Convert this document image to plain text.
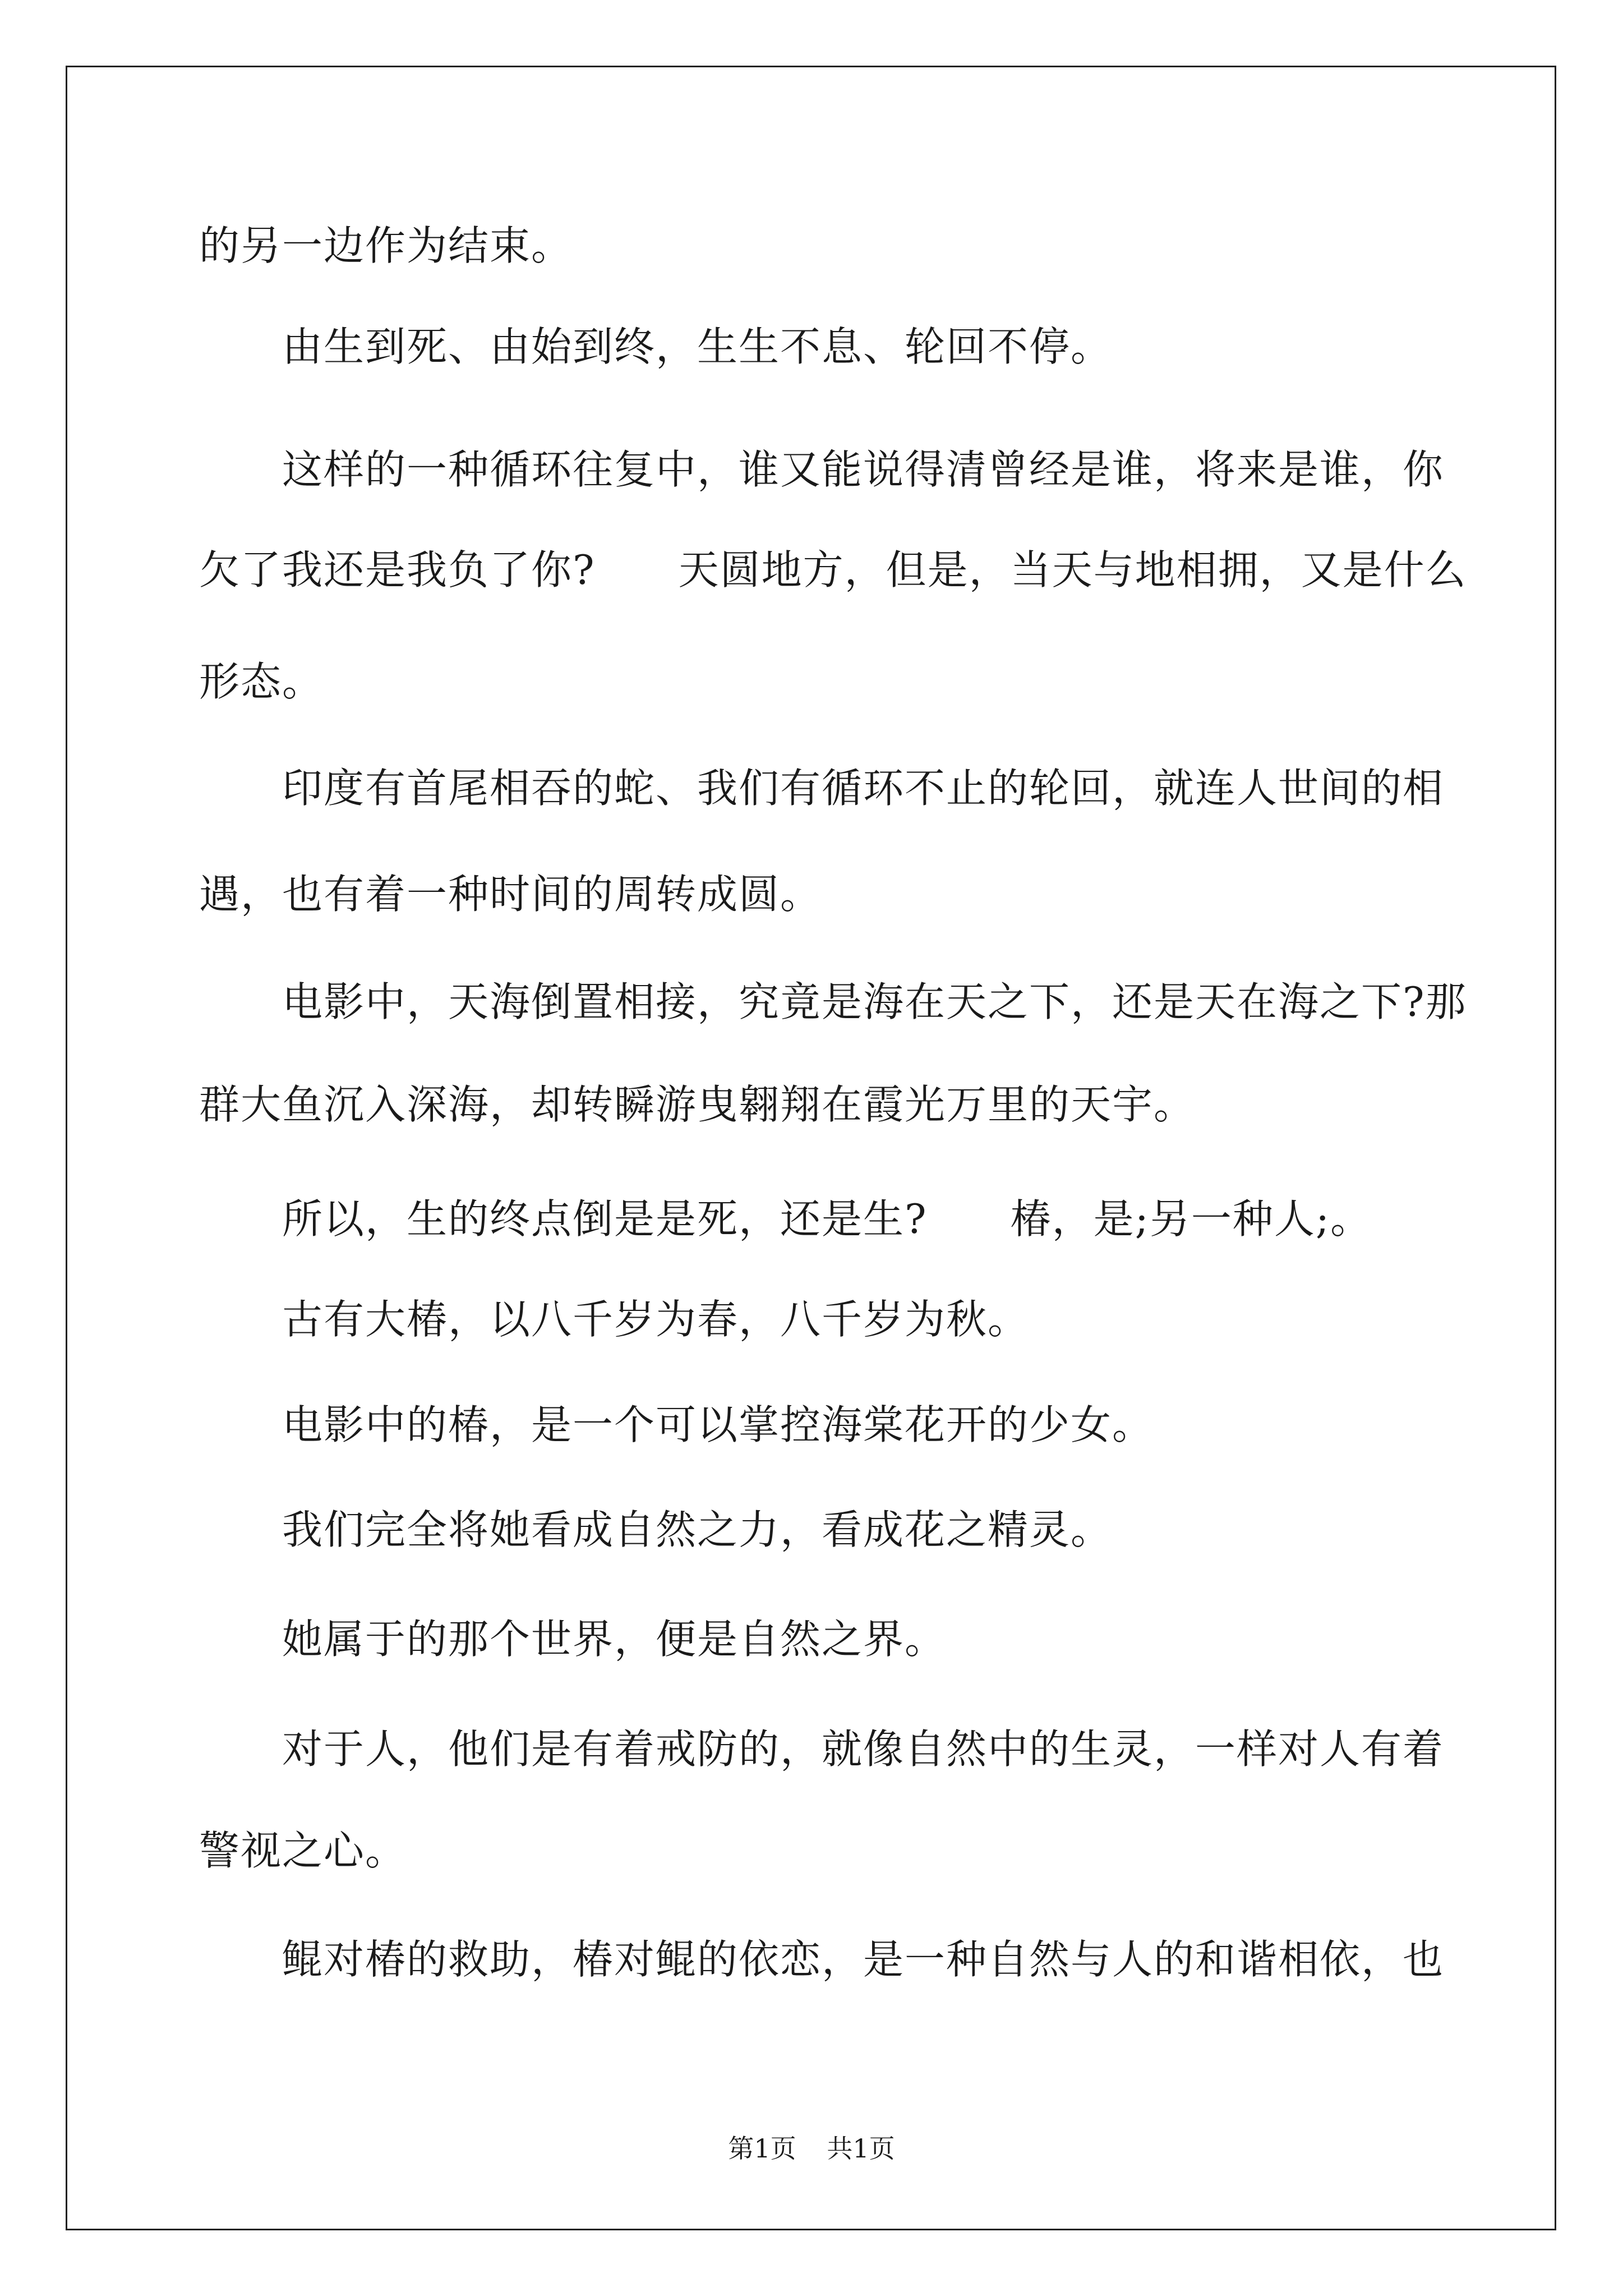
的另一边作为结束。
由生到死、由始到终，生生不息、轮回不停。
这样的一种循环往复中，谁又能说得清曾经是谁，将来是谁，你
欠了我还是我负了你?　　天圆地方，但是，当天与地相拥，又是什么
形态。
印度有首尾相吞的蛇、我们有循环不止的轮回，就连人世间的相
遇，也有着一种时间的周转成圆。
电影中，天海倒置相接，究竟是海在天之下，还是天在海之下?那
群大鱼沉入深海，却转瞬游曳翱翔在霞光万里的天宇。
所以，生的终点倒是是死，还是生?　　椿，是;另一种人;。
古有大椿，以八千岁为春，八千岁为秋。
电影中的椿，是一个可以掌控海棠花开的少女。
我们完全将她看成自然之力，看成花之精灵。
她属于的那个世界，便是自然之界。
对于人，他们是有着戒防的，就像自然中的生灵，一样对人有着
警视之心。
鲲对椿的救助，椿对鲲的依恋，是一种自然与人的和谐相依，也
第1页 共1页
